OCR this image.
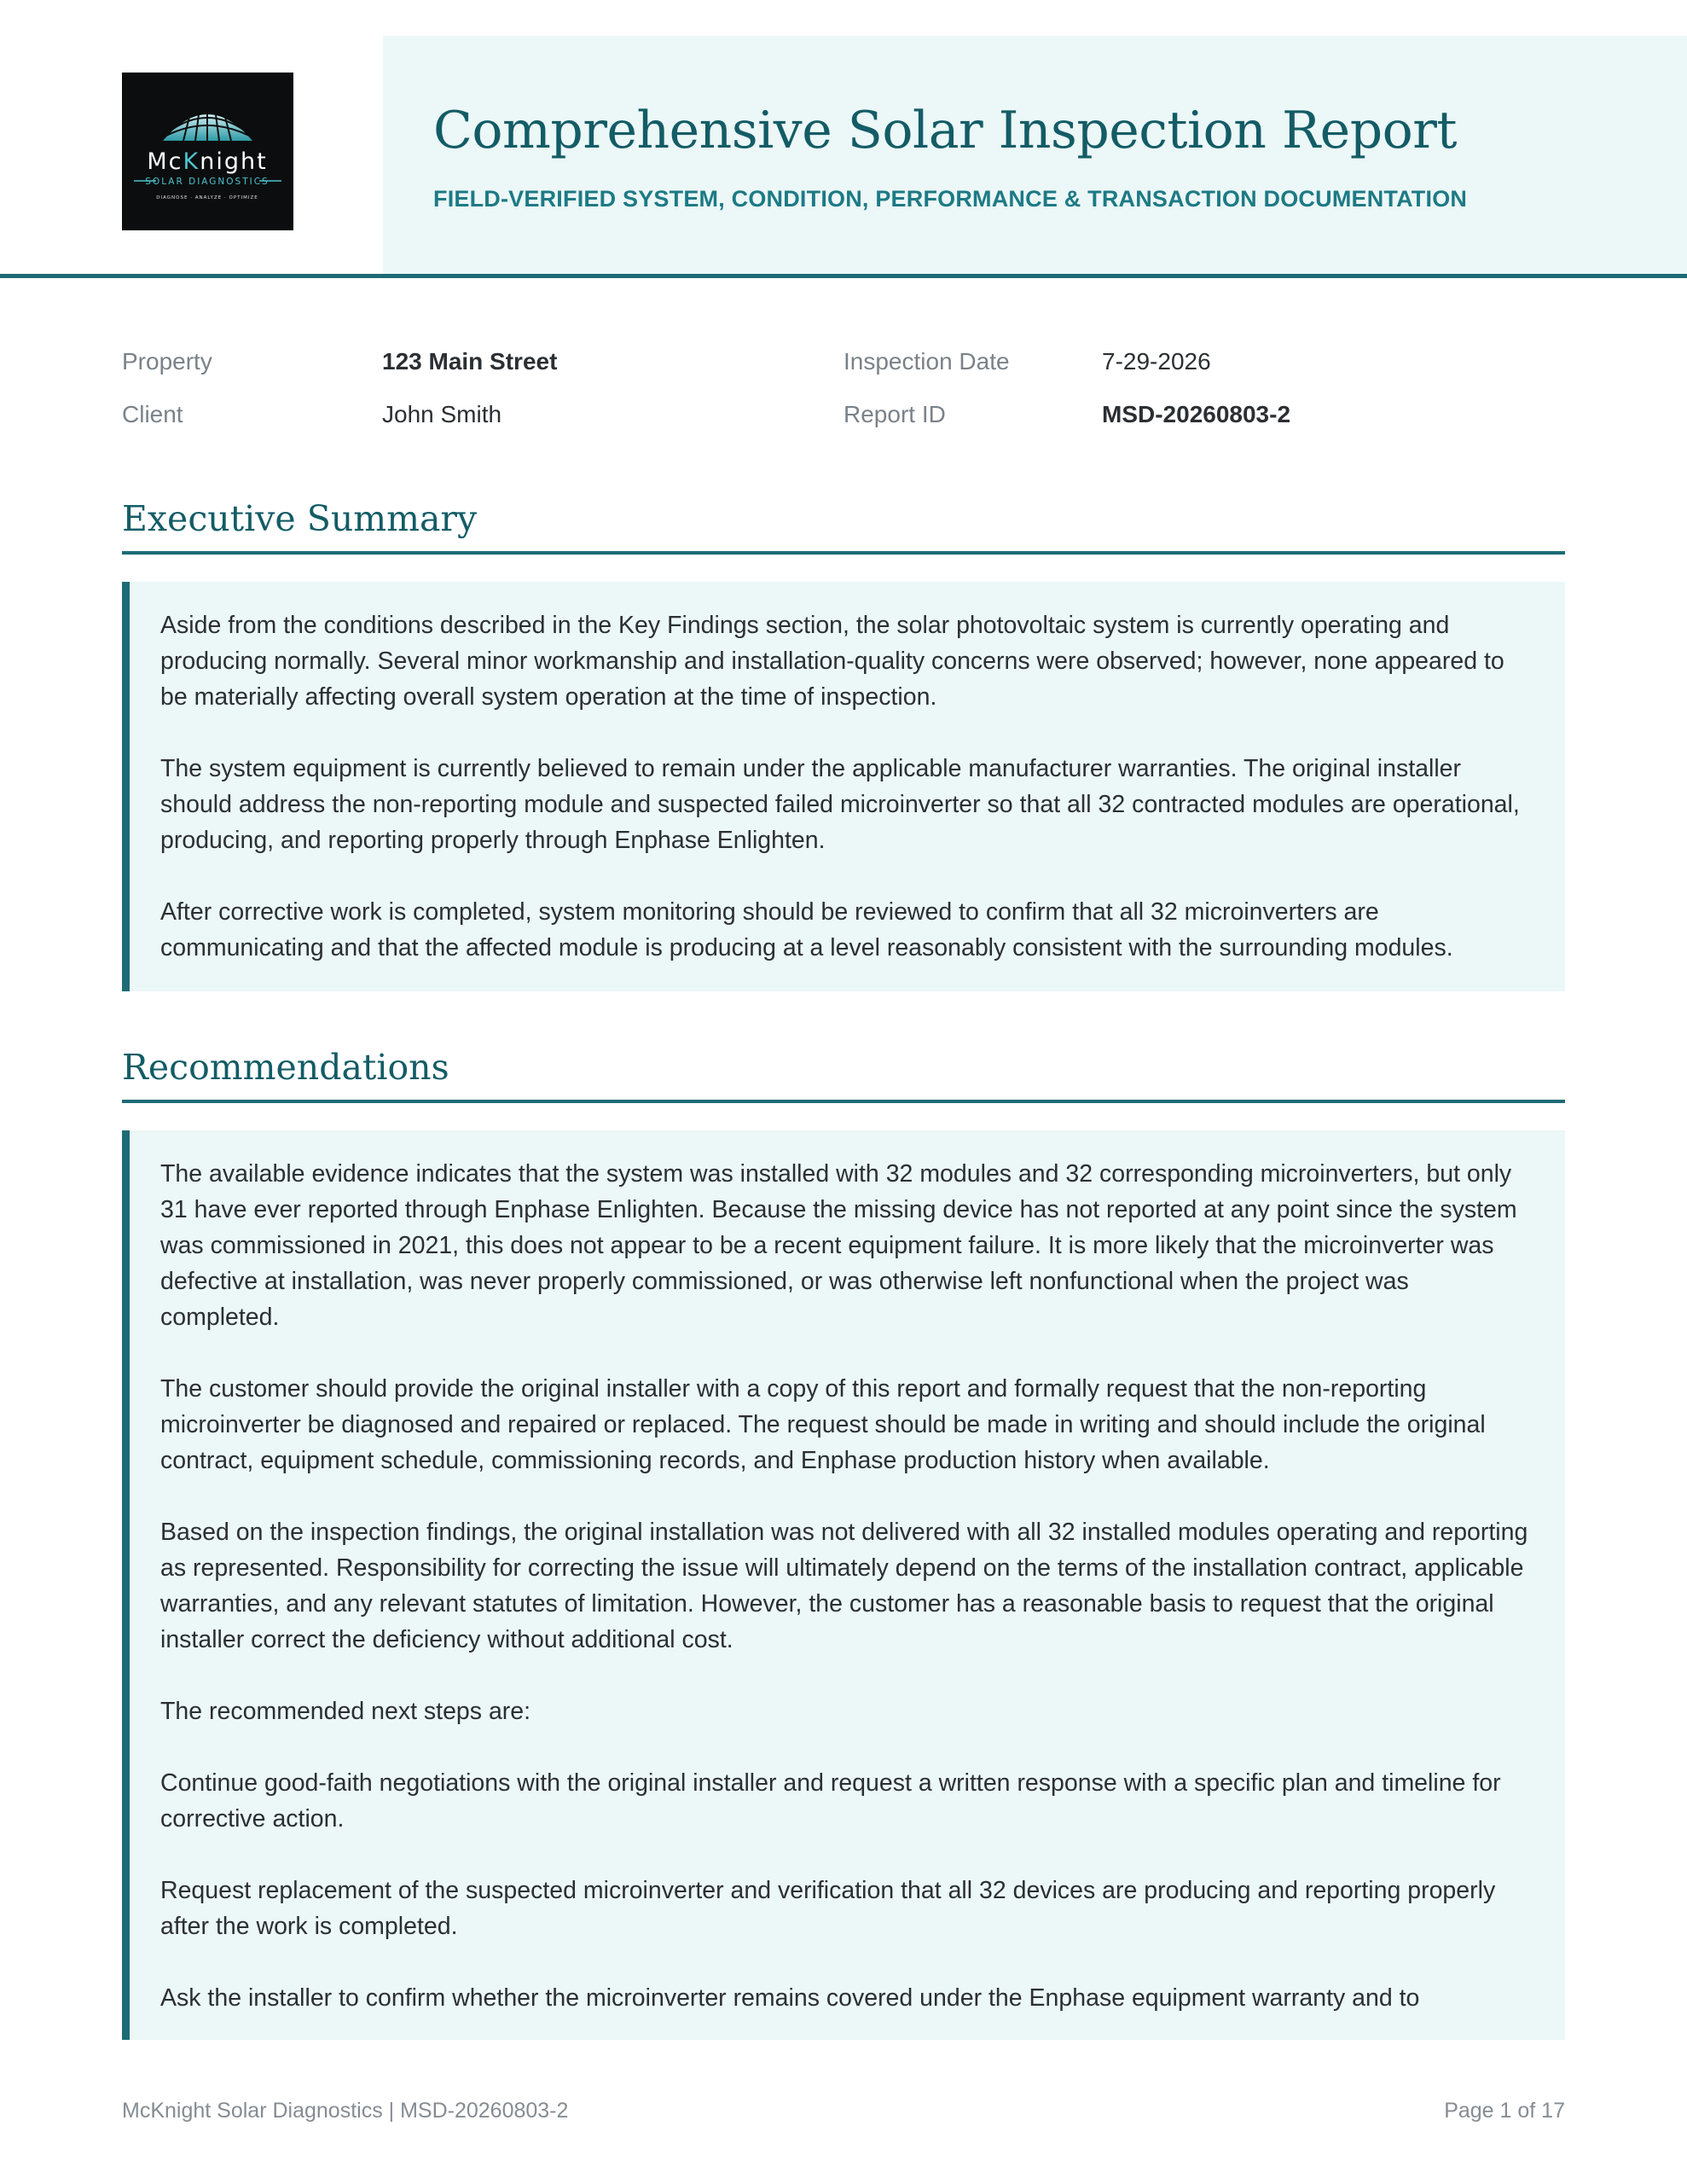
McKnight
SOLAR DIAGNOSTICS
DIAGNOSE · ANALYZE · OPTIMIZE
Comprehensive Solar Inspection Report
FIELD-VERIFIED SYSTEM, CONDITION, PERFORMANCE & TRANSACTION DOCUMENTATION
Property	123 Main Street	Inspection Date	7-29-2026
Client	John Smith	Report ID	MSD-20260803-2
Executive Summary

Aside from the conditions described in the Key Findings section, the solar photovoltaic system is currently operating and producing normally. Several minor workmanship and installation-quality concerns were observed; however, none appeared to be materially affecting overall system operation at the time of inspection.

The system equipment is currently believed to remain under the applicable manufacturer warranties. The original installer should address the non-reporting module and suspected failed microinverter so that all 32 contracted modules are operational, producing, and reporting properly through Enphase Enlighten.

After corrective work is completed, system monitoring should be reviewed to confirm that all 32 microinverters are communicating and that the affected module is producing at a level reasonably consistent with the surrounding modules.

Recommendations

The available evidence indicates that the system was installed with 32 modules and 32 corresponding microinverters, but only 31 have ever reported through Enphase Enlighten. Because the missing device has not reported at any point since the system was commissioned in 2021, this does not appear to be a recent equipment failure. It is more likely that the microinverter was defective at installation, was never properly commissioned, or was otherwise left nonfunctional when the project was completed.

The customer should provide the original installer with a copy of this report and formally request that the non-reporting microinverter be diagnosed and repaired or replaced. The request should be made in writing and should include the original contract, equipment schedule, commissioning records, and Enphase production history when available.

Based on the inspection findings, the original installation was not delivered with all 32 installed modules operating and reporting as represented. Responsibility for correcting the issue will ultimately depend on the terms of the installation contract, applicable warranties, and any relevant statutes of limitation. However, the customer has a reasonable basis to request that the original installer correct the deficiency without additional cost.

The recommended next steps are:

Continue good-faith negotiations with the original installer and request a written response with a specific plan and timeline for corrective action.

Request replacement of the suspected microinverter and verification that all 32 devices are producing and reporting properly after the work is completed.

Ask the installer to confirm whether the microinverter remains covered under the Enphase equipment warranty and to

McKnight Solar Diagnostics | MSD-20260803-2	Page 1 of 17
